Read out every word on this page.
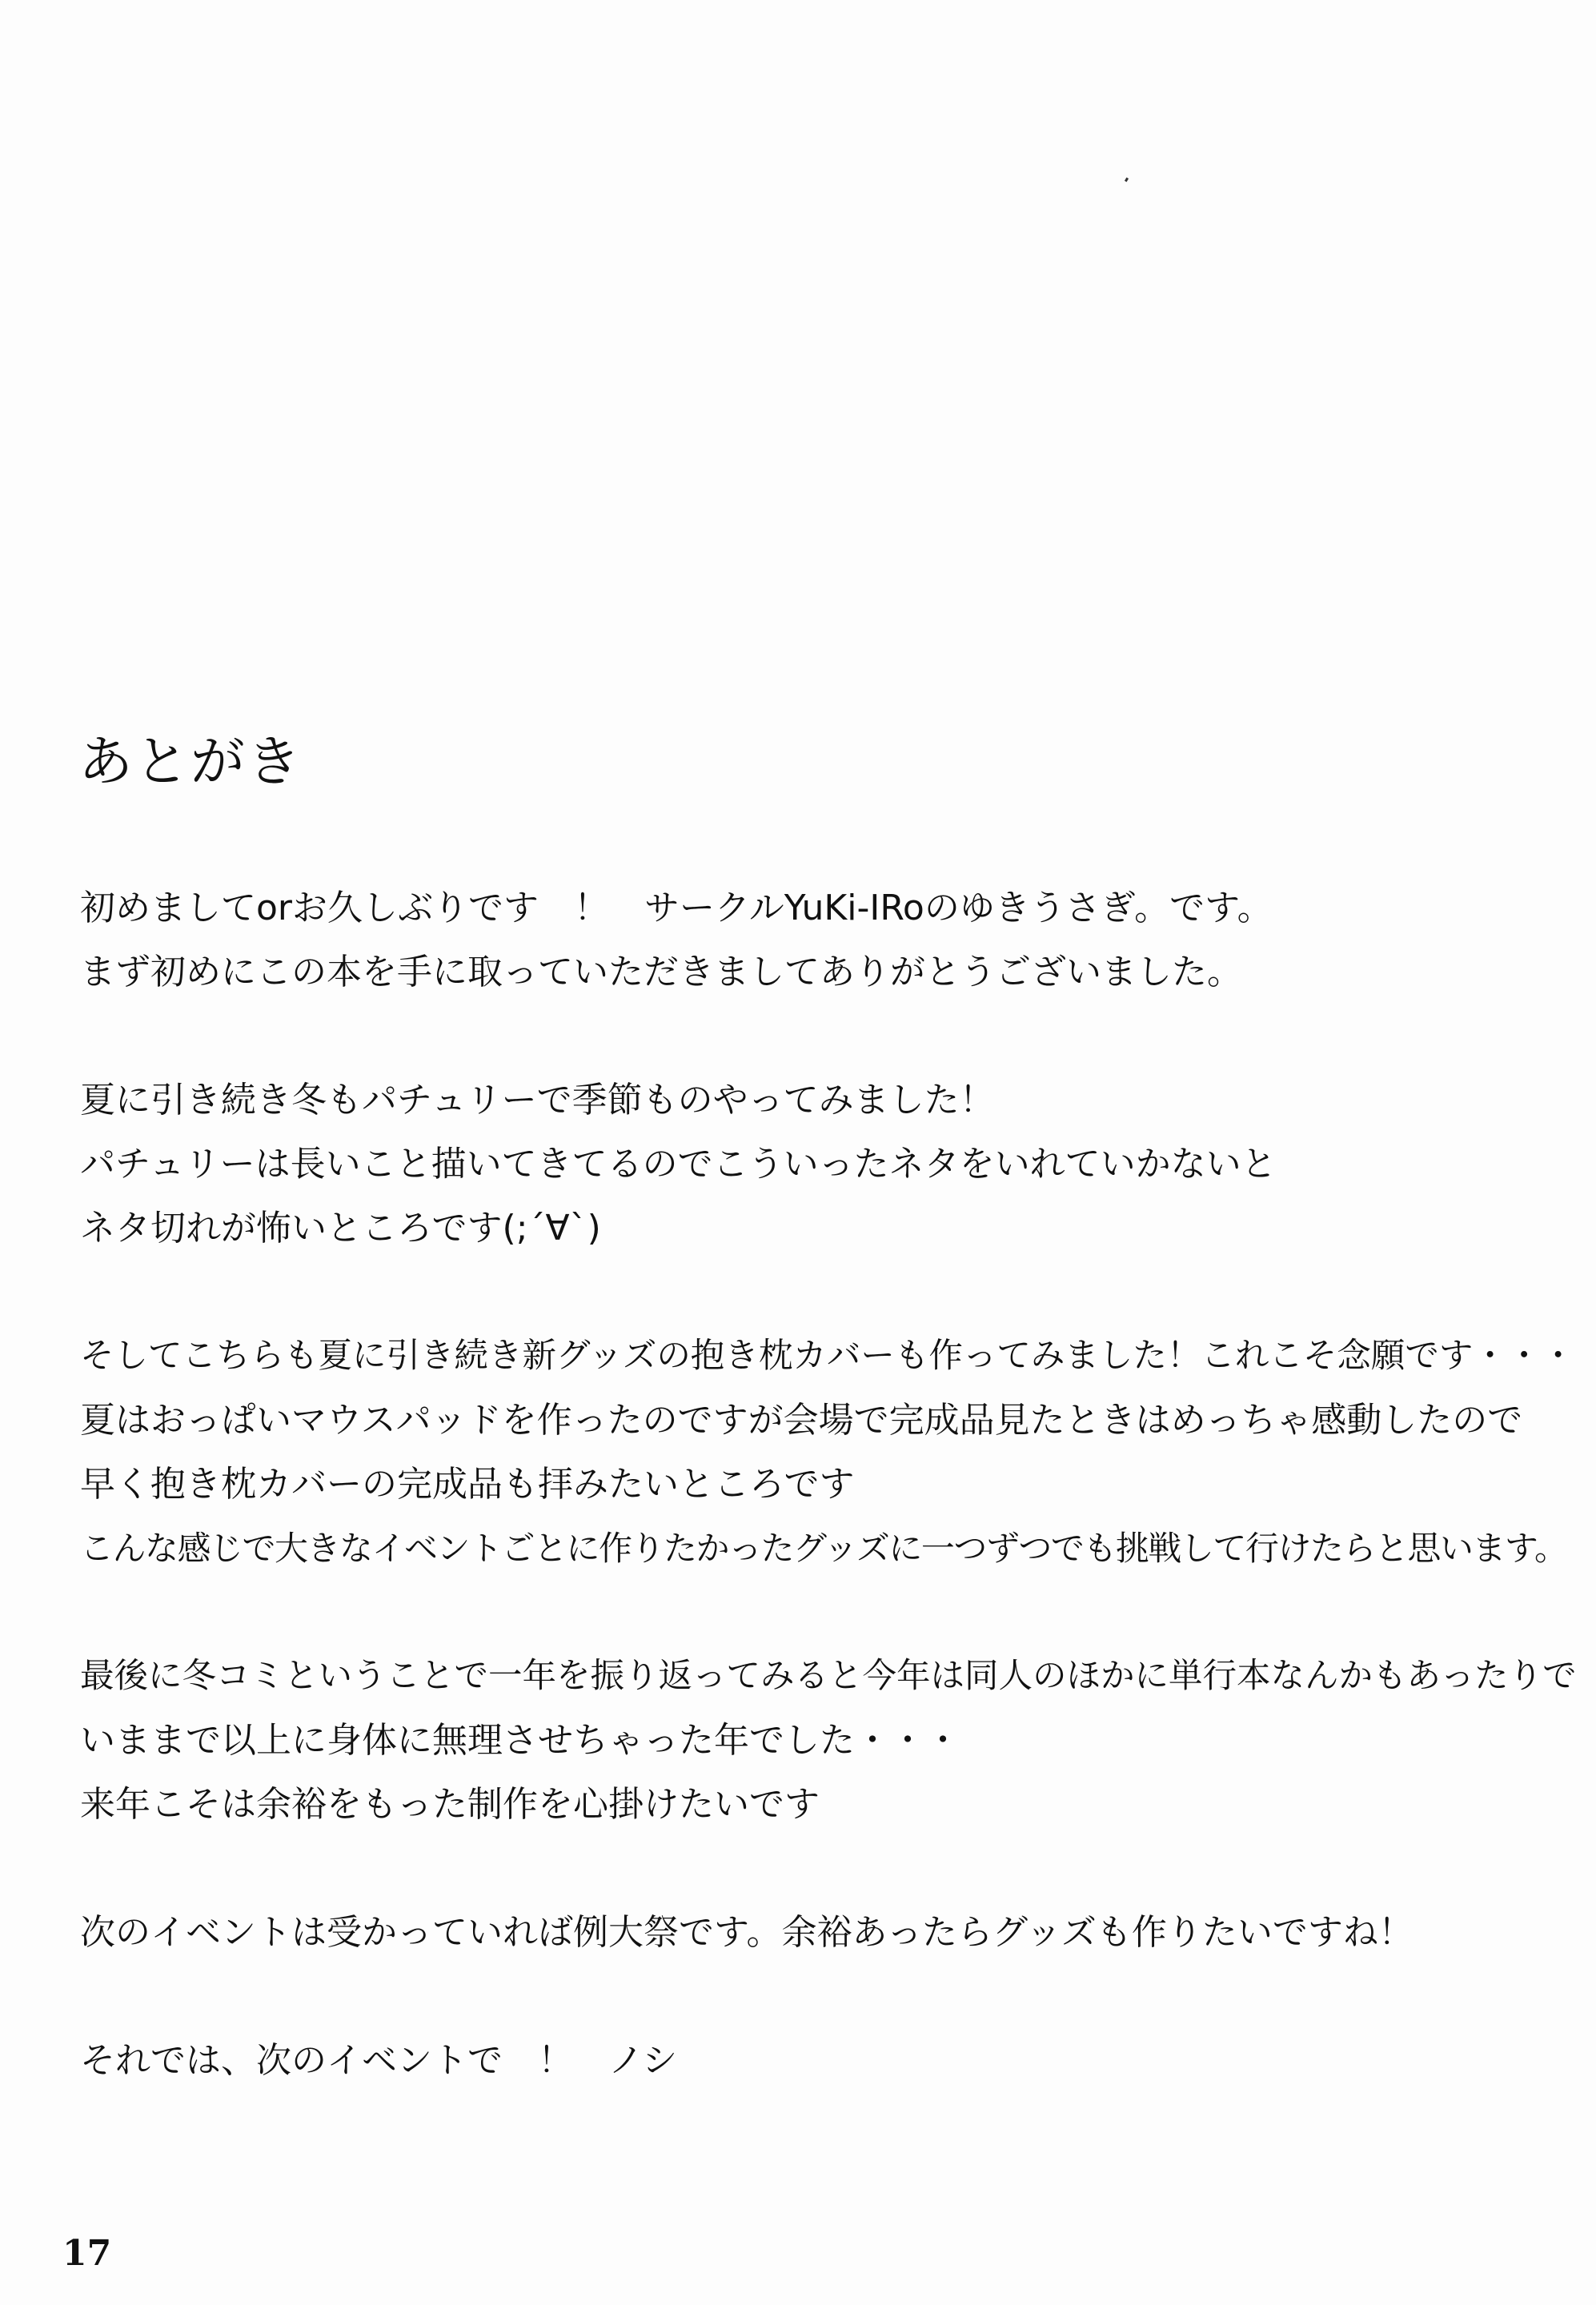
あとがき
初めましてorお久しぶりです　！　サークルYuKi-IRoのゆきうさぎ。です。
まず初めにこの本を手に取っていただきましてありがとうございました。
夏に引き続き冬もパチュリーで季節ものやってみました！
パチュリーは長いこと描いてきてるのでこういったネタをいれていかないと
ネタ切れが怖いところです(;´∀`)
そしてこちらも夏に引き続き新グッズの抱き枕カバーも作ってみました！これこそ念願です・・・
夏はおっぱいマウスパッドを作ったのですが会場で完成品見たときはめっちゃ感動したので
早く抱き枕カバーの完成品も拝みたいところです
こんな感じで大きなイベントごとに作りたかったグッズに一つずつでも挑戦して行けたらと思います。
最後に冬コミということで一年を振り返ってみると今年は同人のほかに単行本なんかもあったりで
いままで以上に身体に無理させちゃった年でした・・・
来年こそは余裕をもった制作を心掛けたいです
次のイベントは受かっていれば例大祭です。余裕あったらグッズも作りたいですね！
それでは、次のイベントで　！　ノシ
17
